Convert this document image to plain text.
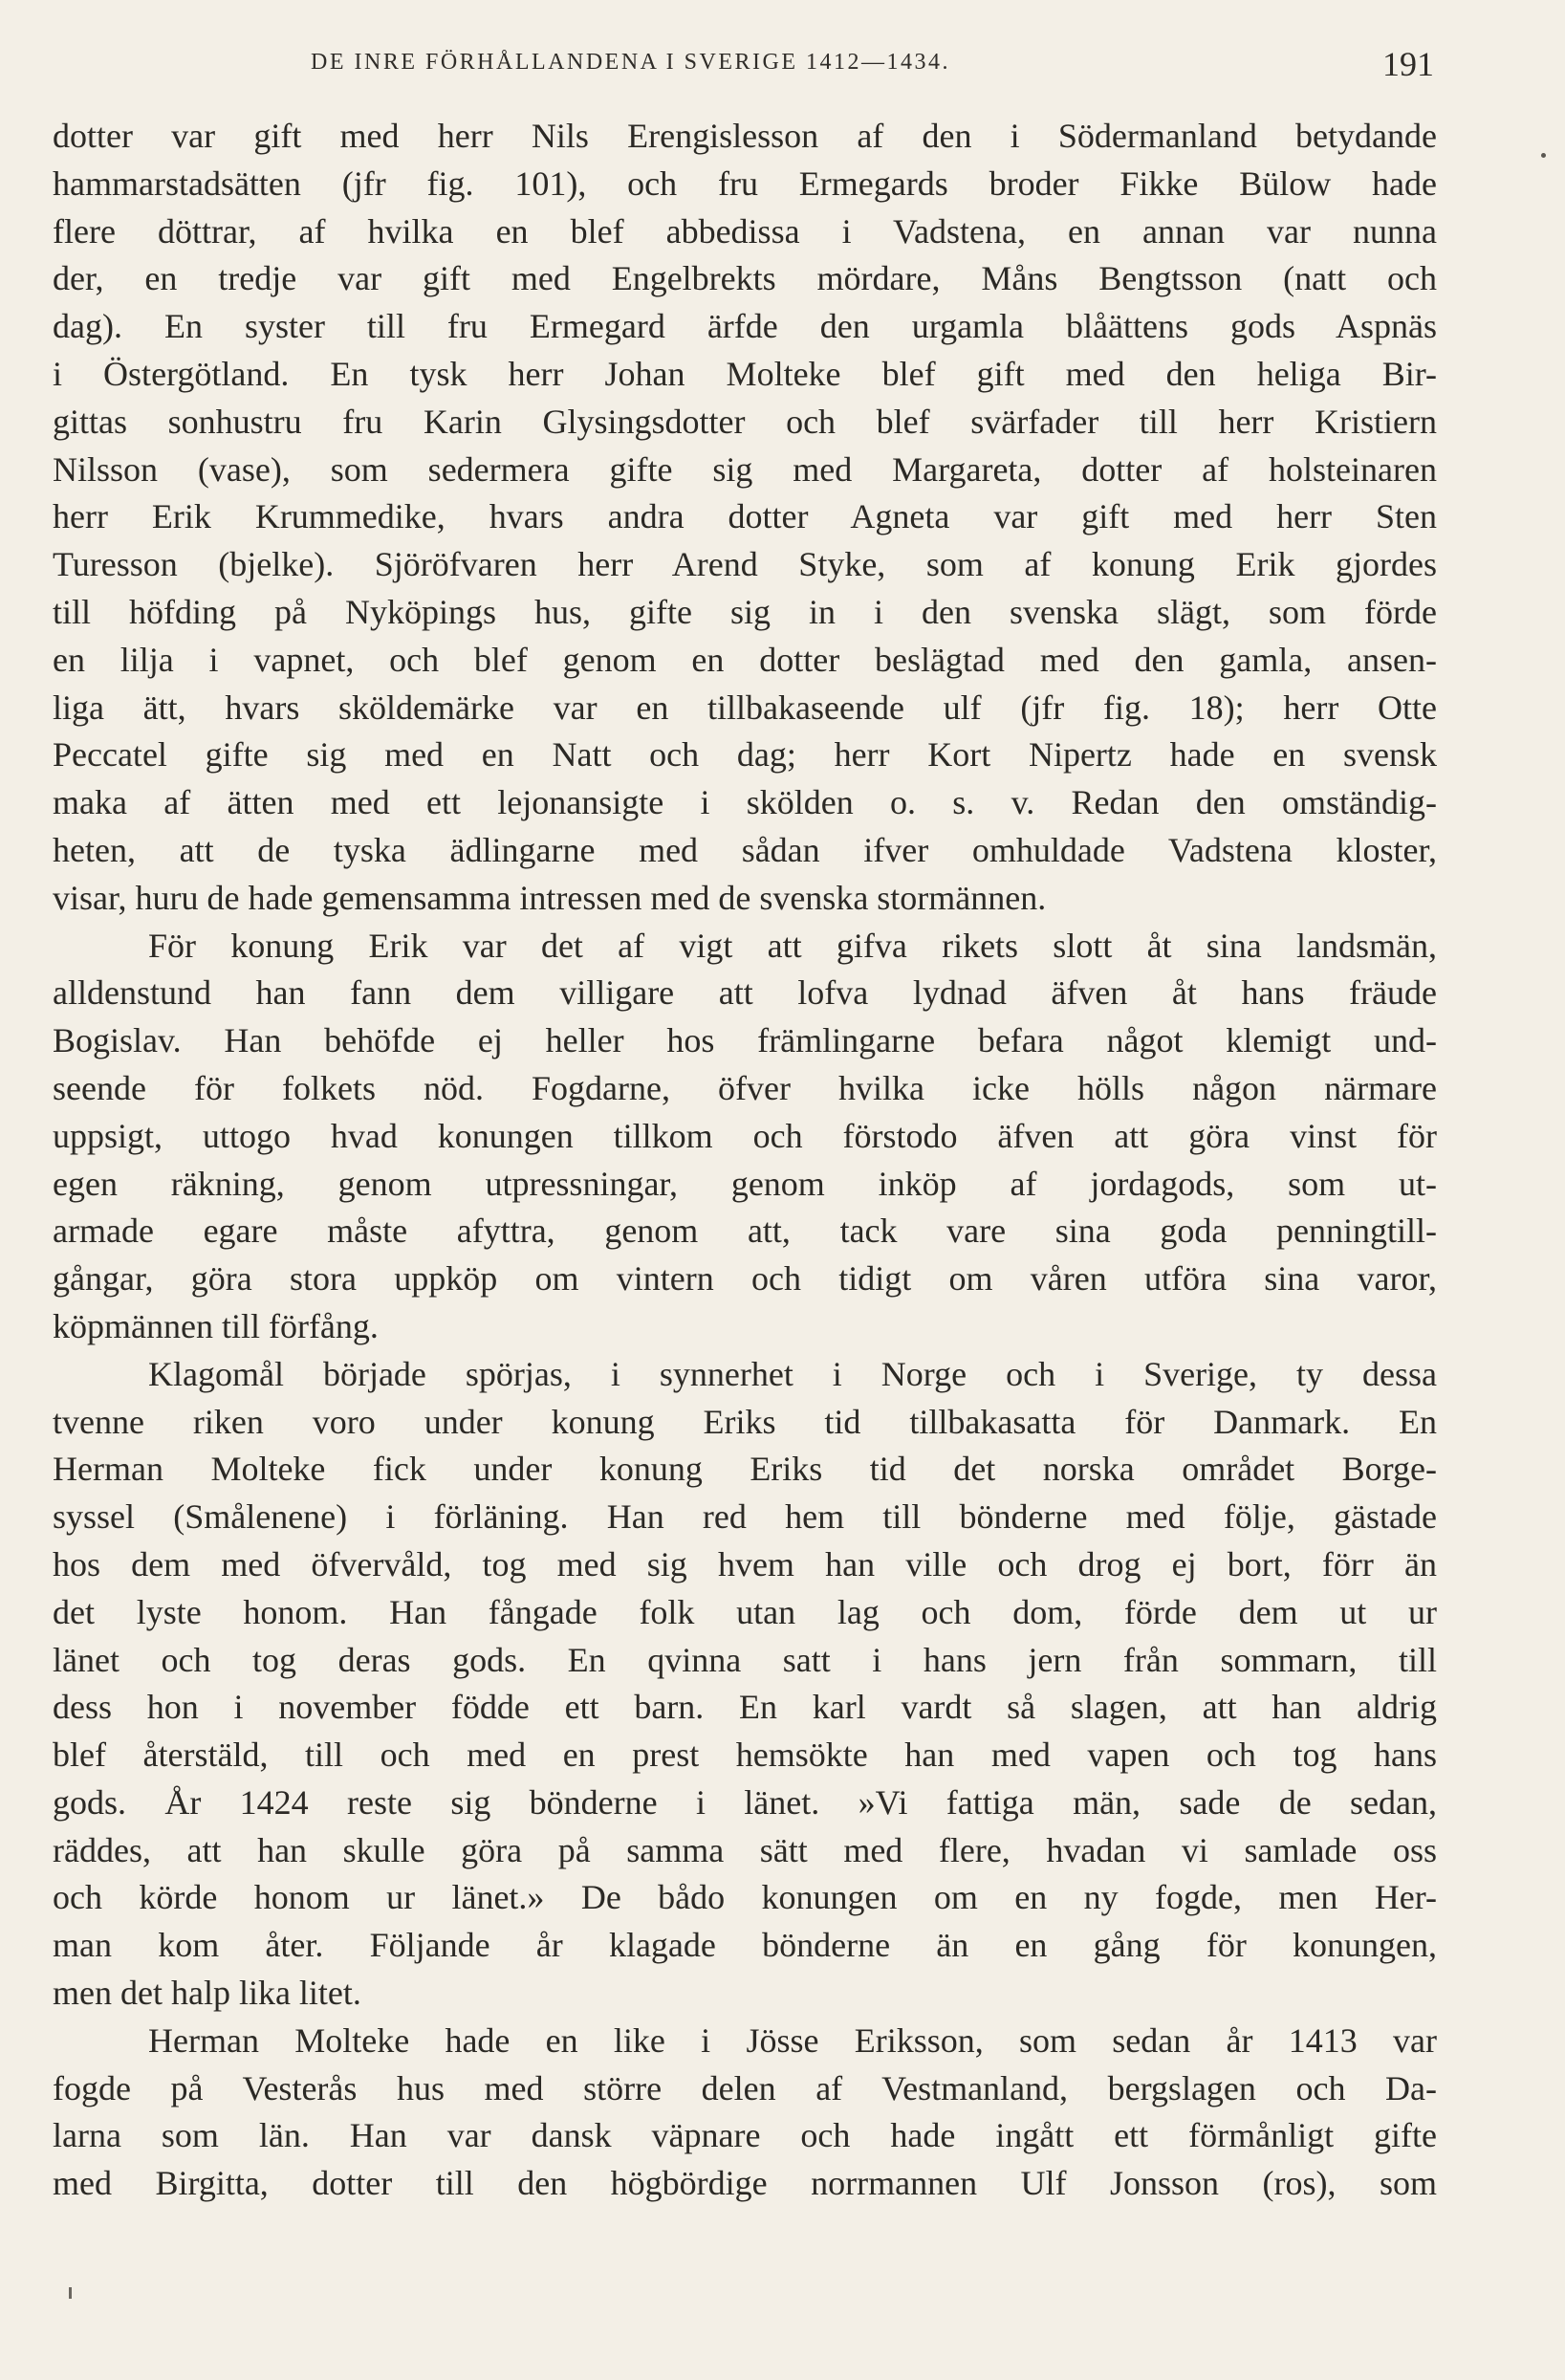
DE INRE FÖRHÅLLANDENA I SVERIGE 1412—1434.	191
dotter var gift med herr Nils Erengislesson af den i Södermanland betydande
hammarstadsätten (jfr fig. 101), och fru Ermegards broder Fikke Bülow hade
flere döttrar, af hvilka en blef abbedissa i Vadstena, en annan var nunna
der, en tredje var gift med Engelbrekts mördare, Måns Bengtsson (natt och
dag). En syster till fru Ermegard ärfde den urgamla blåättens gods Aspnäs
i Östergötland. En tysk herr Johan Molteke blef gift med den heliga Bir-
gittas sonhustru fru Karin Glysingsdotter och blef svärfader till herr Kristiern
Nilsson (vase), som sedermera gifte sig med Margareta, dotter af holsteinaren
herr Erik Krummedike, hvars andra dotter Agneta var gift med herr Sten
Turesson (bjelke). Sjöröfvaren herr Arend Styke, som af konung Erik gjordes
till höfding på Nyköpings hus, gifte sig in i den svenska slägt, som förde
en lilja i vapnet, och blef genom en dotter beslägtad med den gamla, ansen-
liga ätt, hvars sköldemärke var en tillbakaseende ulf (jfr fig. 18); herr Otte
Peccatel gifte sig med en Natt och dag; herr Kort Nipertz hade en svensk
maka af ätten med ett lejonansigte i skölden o. s. v. Redan den omständig-
heten, att de tyska ädlingarne med sådan ifver omhuldade Vadstena kloster,
visar, huru de hade gemensamma intressen med de svenska stormännen.
För konung Erik var det af vigt att gifva rikets slott åt sina landsmän,
alldenstund han fann dem villigare att lofva lydnad äfven åt hans fräude
Bogislav. Han behöfde ej heller hos främlingarne befara något klemigt und-
seende för folkets nöd. Fogdarne, öfver hvilka icke hölls någon närmare
uppsigt, uttogo hvad konungen tillkom och förstodo äfven att göra vinst för
egen räkning, genom utpressningar, genom inköp af jordagods, som ut-
armade egare måste afyttra, genom att, tack vare sina goda penningtill-
gångar, göra stora uppköp om vintern och tidigt om våren utföra sina varor,
köpmännen till förfång.
Klagomål började spörjas, i synnerhet i Norge och i Sverige, ty dessa
tvenne riken voro under konung Eriks tid tillbakasatta för Danmark. En
Herman Molteke fick under konung Eriks tid det norska området Borge-
syssel (Smålenene) i förläning. Han red hem till bönderne med följe, gästade
hos dem med öfvervåld, tog med sig hvem han ville och drog ej bort, förr än
det lyste honom. Han fångade folk utan lag och dom, förde dem ut ur
länet och tog deras gods. En qvinna satt i hans jern från sommarn, till
dess hon i november födde ett barn. En karl vardt så slagen, att han aldrig
blef återstäld, till och med en prest hemsökte han med vapen och tog hans
gods. År 1424 reste sig bönderne i länet. »Vi fattiga män, sade de sedan,
räddes, att han skulle göra på samma sätt med flere, hvadan vi samlade oss
och körde honom ur länet.» De bådo konungen om en ny fogde, men Her-
man kom åter. Följande år klagade bönderne än en gång för konungen,
men det halp lika litet.
Herman Molteke hade en like i Jösse Eriksson, som sedan år 1413 var
fogde på Vesterås hus med större delen af Vestmanland, bergslagen och Da-
larna som län. Han var dansk väpnare och hade ingått ett förmånligt gifte
med Birgitta, dotter till den högbördige norrmannen Ulf Jonsson (ros), som
